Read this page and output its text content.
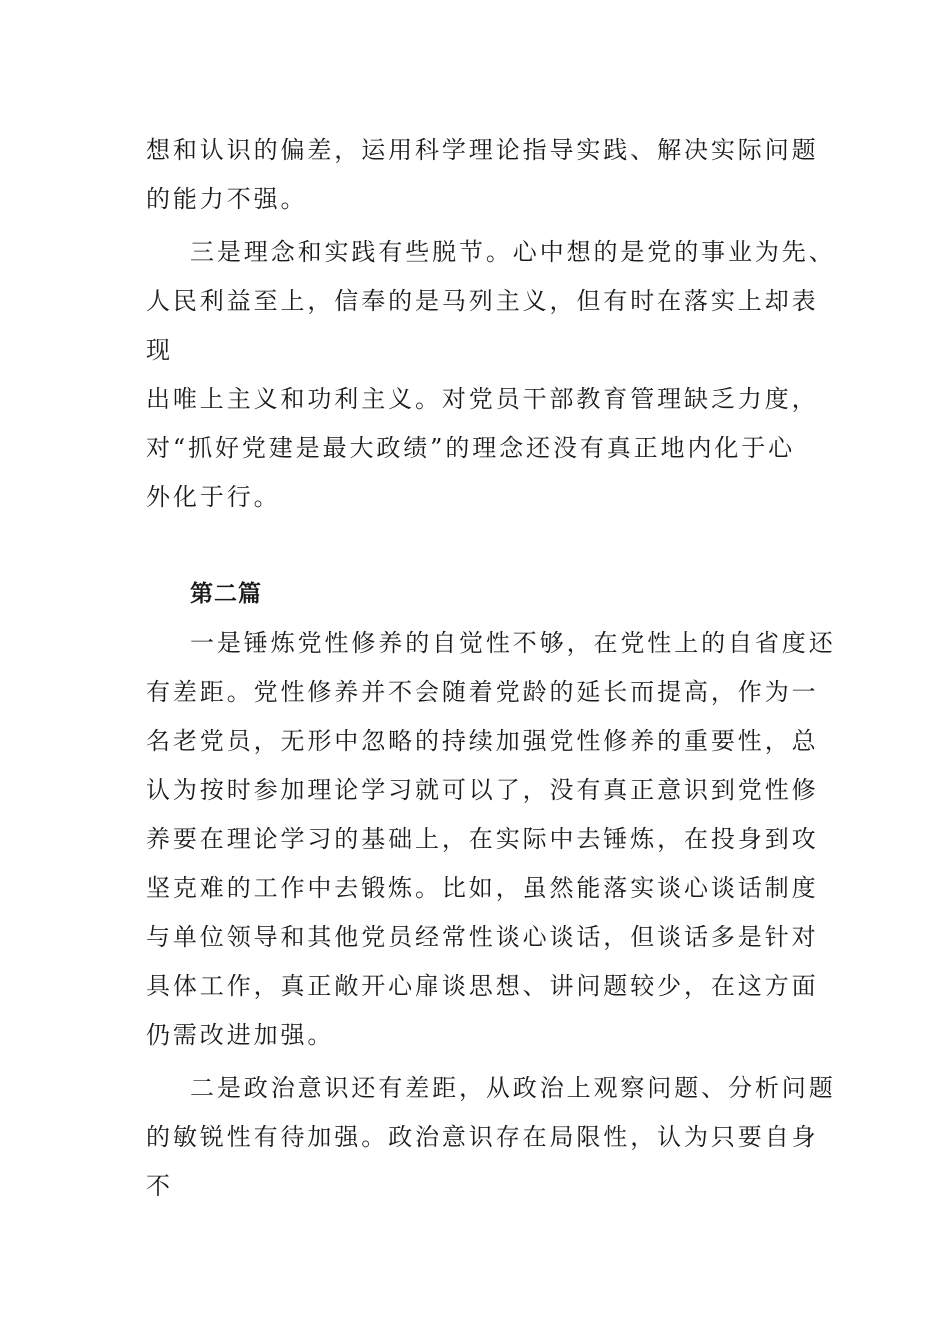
想和认识的偏差，运用科学理论指导实践、解决实际问题
的能力不强。
三是理念和实践有些脱节。心中想的是党的事业为先、
人民利益至上，信奉的是马列主义，但有时在落实上却表
现
出唯上主义和功利主义。对党员干部教育管理缺乏力度，
对“抓好党建是最大政绩”的理念还没有真正地内化于心
外化于行。
第二篇
一是锤炼党性修养的自觉性不够，在党性上的自省度还
有差距。党性修养并不会随着党龄的延长而提高，作为一
名老党员，无形中忽略的持续加强党性修养的重要性，总
认为按时参加理论学习就可以了，没有真正意识到党性修
养要在理论学习的基础上，在实际中去锤炼，在投身到攻
坚克难的工作中去锻炼。比如，虽然能落实谈心谈话制度
与单位领导和其他党员经常性谈心谈话，但谈话多是针对
具体工作，真正敞开心扉谈思想、讲问题较少，在这方面
仍需改进加强。
二是政治意识还有差距，从政治上观察问题、分析问题
的敏锐性有待加强。政治意识存在局限性，认为只要自身
不
